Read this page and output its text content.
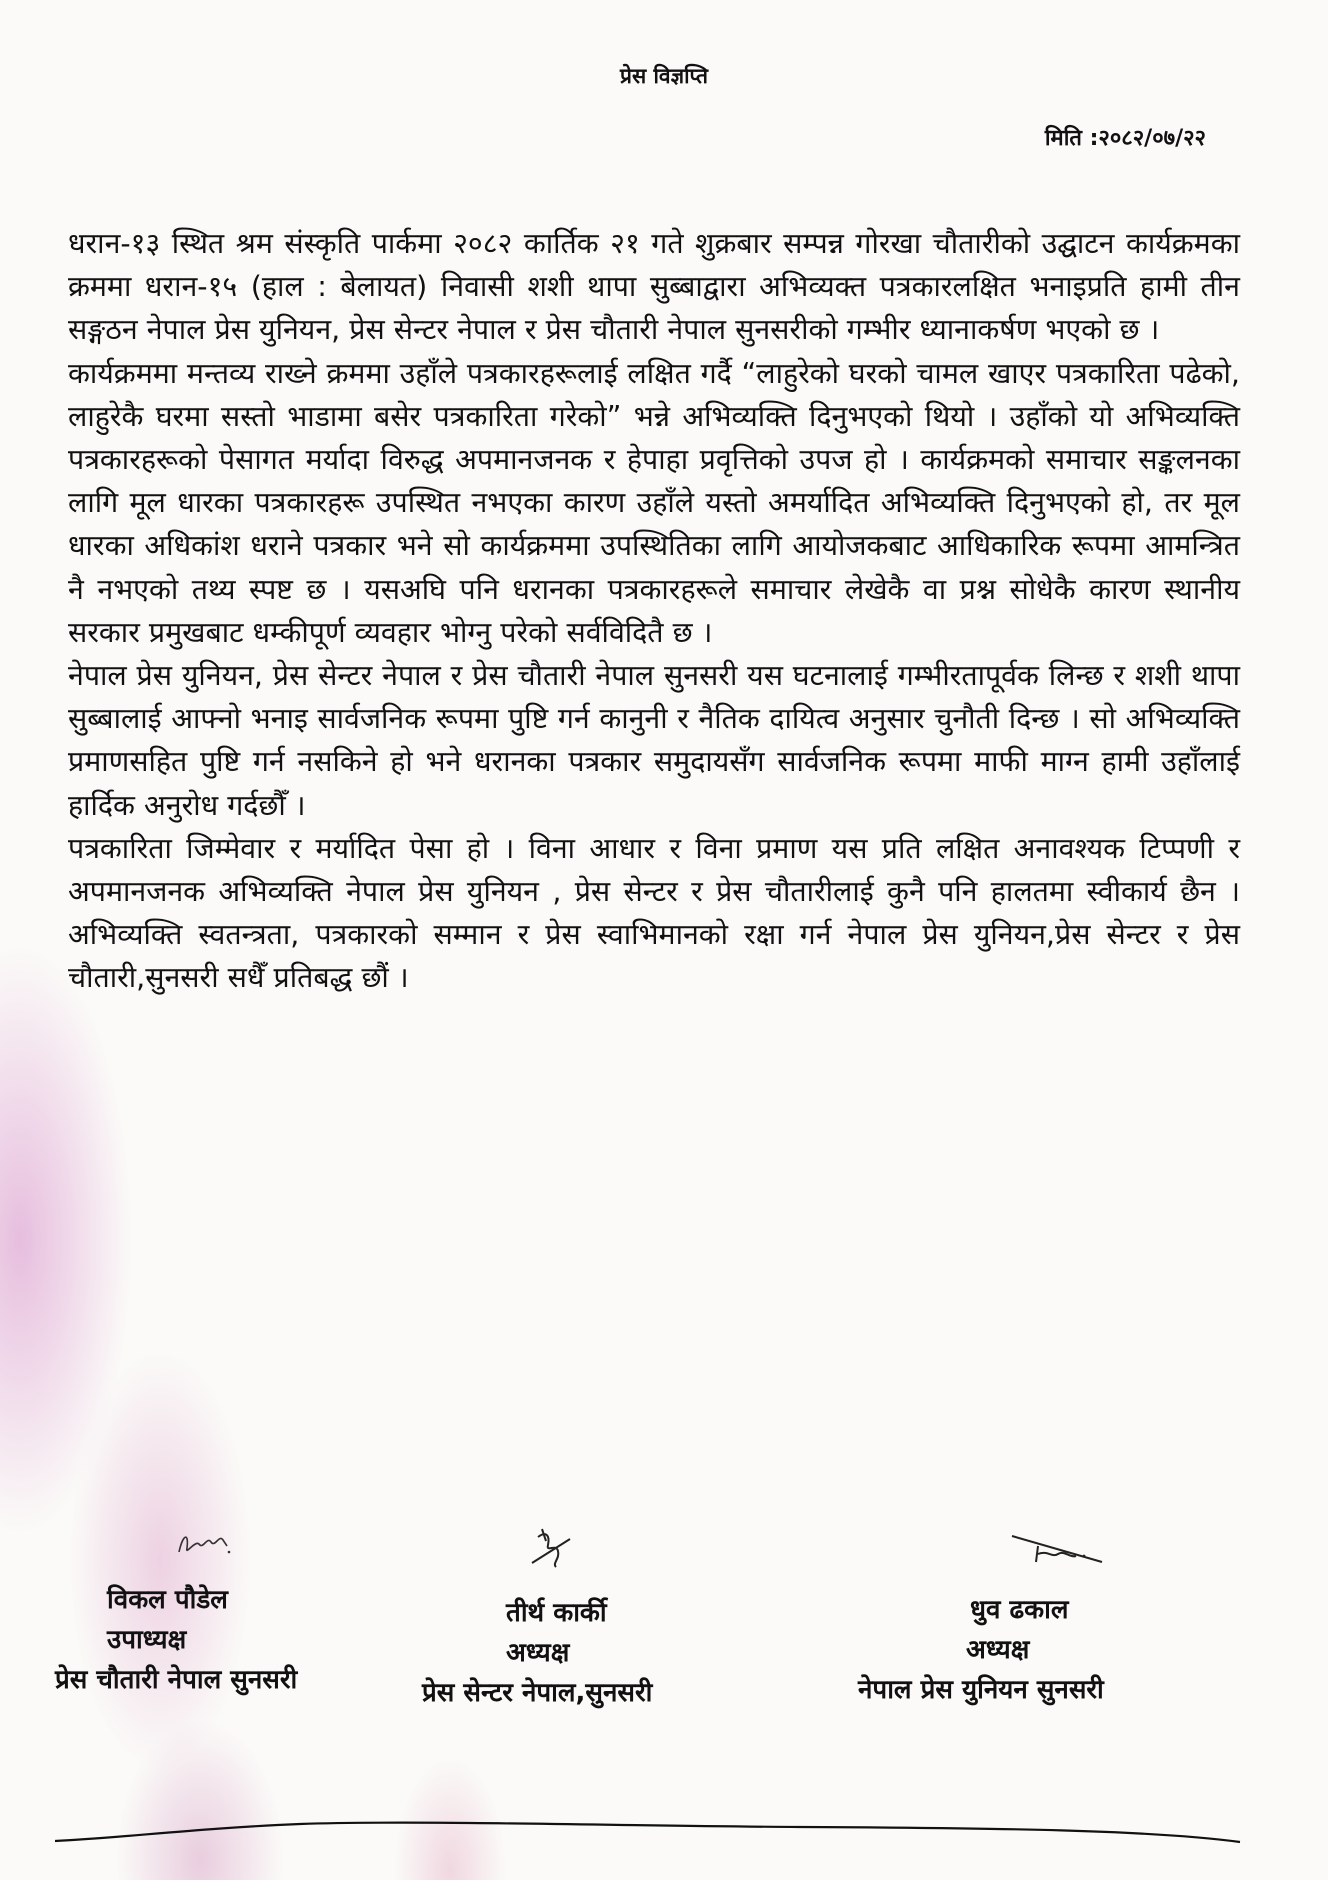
प्रेस विज्ञप्ति
मिति :२०८२/०७/२२

धरान-१३ स्थित श्रम संस्कृति पार्कमा २०८२ कार्तिक २१ गते शुक्रबार सम्पन्न गोरखा चौतारीको उद्घाटन कार्यक्रमका क्रममा धरान-१५ (हाल : बेलायत) निवासी शशी थापा सुब्बाद्वारा अभिव्यक्त पत्रकारलक्षित भनाइप्रति हामी तीन सङ्गठन नेपाल प्रेस युनियन, प्रेस सेन्टर नेपाल र प्रेस चौतारी नेपाल सुनसरीको गम्भीर ध्यानाकर्षण भएको छ ।

कार्यक्रममा मन्तव्य राख्ने क्रममा उहाँले पत्रकारहरूलाई लक्षित गर्दै “लाहुरेको घरको चामल खाएर पत्रकारिता पढेको, लाहुरेकै घरमा सस्तो भाडामा बसेर पत्रकारिता गरेको” भन्ने अभिव्यक्ति दिनुभएको थियो । उहाँको यो अभिव्यक्ति पत्रकारहरूको पेसागत मर्यादा विरुद्ध अपमानजनक र हेपाहा प्रवृत्तिको उपज हो । कार्यक्रमको समाचार सङ्कलनका लागि मूल धारका पत्रकारहरू उपस्थित नभएका कारण उहाँले यस्तो अमर्यादित अभिव्यक्ति दिनुभएको हो, तर मूल धारका अधिकांश धराने पत्रकार भने सो कार्यक्रममा उपस्थितिका लागि आयोजकबाट आधिकारिक रूपमा आमन्त्रित नै नभएको तथ्य स्पष्ट छ । यसअघि पनि धरानका पत्रकारहरूले समाचार लेखेकै वा प्रश्न सोधेकै कारण स्थानीय सरकार प्रमुखबाट धम्कीपूर्ण व्यवहार भोग्नु परेको सर्वविदितै छ ।

नेपाल प्रेस युनियन, प्रेस सेन्टर नेपाल र प्रेस चौतारी नेपाल सुनसरी यस घटनालाई गम्भीरतापूर्वक लिन्छ र शशी थापा सुब्बालाई आफ्नो भनाइ सार्वजनिक रूपमा पुष्टि गर्न कानुनी र नैतिक दायित्व अनुसार चुनौती दिन्छ । सो अभिव्यक्ति प्रमाणसहित पुष्टि गर्न नसकिने हो भने धरानका पत्रकार समुदायसँग सार्वजनिक रूपमा माफी माग्न हामी उहाँलाई हार्दिक अनुरोध गर्दछौँ ।

पत्रकारिता जिम्मेवार र मर्यादित पेसा हो । विना आधार र विना प्रमाण यस प्रति लक्षित अनावश्यक टिप्पणी र अपमानजनक अभिव्यक्ति नेपाल प्रेस युनियन , प्रेस सेन्टर र प्रेस चौतारीलाई कुनै पनि हालतमा स्वीकार्य छैन । अभिव्यक्ति स्वतन्त्रता, पत्रकारको सम्मान र प्रेस स्वाभिमानको रक्षा गर्न नेपाल प्रेस युनियन,प्रेस सेन्टर र प्रेस चौतारी,सुनसरी सधैँ प्रतिबद्ध छौं ।

विकल पौडेल
उपाध्यक्ष
प्रेस चौतारी नेपाल सुनसरी
तीर्थ कार्की
अध्यक्ष
प्रेस सेन्टर नेपाल,सुनसरी
धुव ढकाल
अध्यक्ष
नेपाल प्रेस युनियन सुनसरी
